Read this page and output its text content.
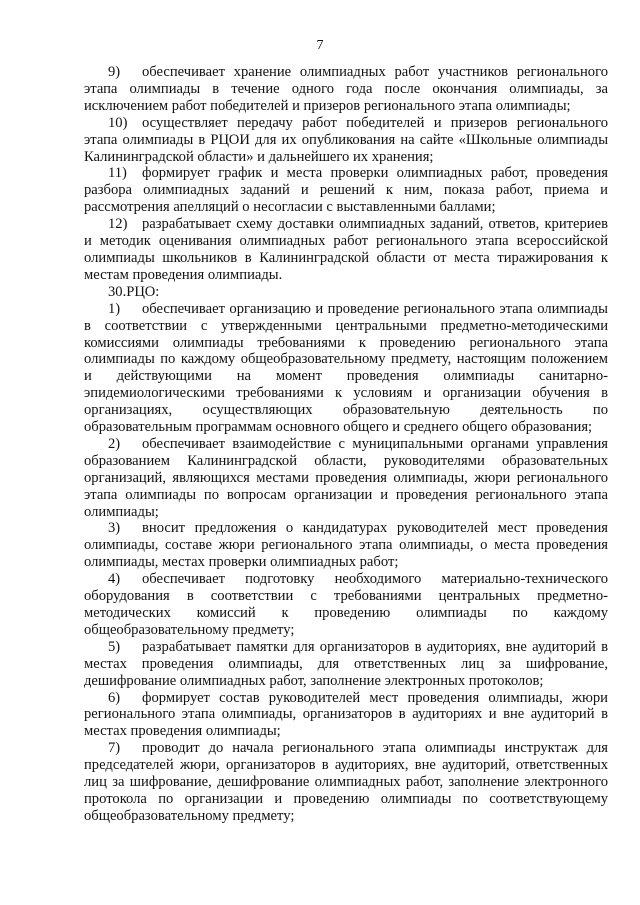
7

9) обеспечивает хранение олимпиадных работ участников регионального этапа олимпиады в течение одного года после окончания олимпиады, за исключением работ победителей и призеров регионального этапа олимпиады;

10) осуществляет передачу работ победителей и призеров регионального этапа олимпиады в РЦОИ для их опубликования на сайте «Школьные олимпиады Калининградской области» и дальнейшего их хранения;

11) формирует график и места проверки олимпиадных работ, проведения разбора олимпиадных заданий и решений к ним, показа работ, приема и рассмотрения апелляций о несогласии с выставленными баллами;

12) разрабатывает схему доставки олимпиадных заданий, ответов, критериев и методик оценивания олимпиадных работ регионального этапа всероссийской олимпиады школьников в Калининградской области от места тиражирования к местам проведения олимпиады.

30.РЦО:

1) обеспечивает организацию и проведение регионального этапа олимпиады в соответствии с утвержденными центральными предметно-методическими комиссиями олимпиады требованиями к проведению регионального этапа олимпиады по каждому общеобразовательному предмету, настоящим положением и действующими на момент проведения олимпиады санитарно-эпидемиологическими требованиями к условиям и организации обучения в организациях, осуществляющих образовательную деятельность по образовательным программам основного общего и среднего общего образования;

2) обеспечивает взаимодействие с муниципальными органами управления образованием Калининградской области, руководителями образовательных организаций, являющихся местами проведения олимпиады, жюри регионального этапа олимпиады по вопросам организации и проведения регионального этапа олимпиады;

3) вносит предложения о кандидатурах руководителей мест проведения олимпиады, составе жюри регионального этапа олимпиады, о места проведения олимпиады, местах проверки олимпиадных работ;

4) обеспечивает подготовку необходимого материально-технического оборудования в соответствии с требованиями центральных предметно-методических комиссий к проведению олимпиады по каждому общеобразовательному предмету;

5) разрабатывает памятки для организаторов в аудиториях, вне аудиторий в местах проведения олимпиады, для ответственных лиц за шифрование, дешифрование олимпиадных работ, заполнение электронных протоколов;

6) формирует состав руководителей мест проведения олимпиады, жюри регионального этапа олимпиады, организаторов в аудиториях и вне аудиторий в местах проведения олимпиады;

7) проводит до начала регионального этапа олимпиады инструктаж для председателей жюри, организаторов в аудиториях, вне аудиторий, ответственных лиц за шифрование, дешифрование олимпиадных работ, заполнение электронного протокола по организации и проведению олимпиады по соответствующему общеобразовательному предмету;
